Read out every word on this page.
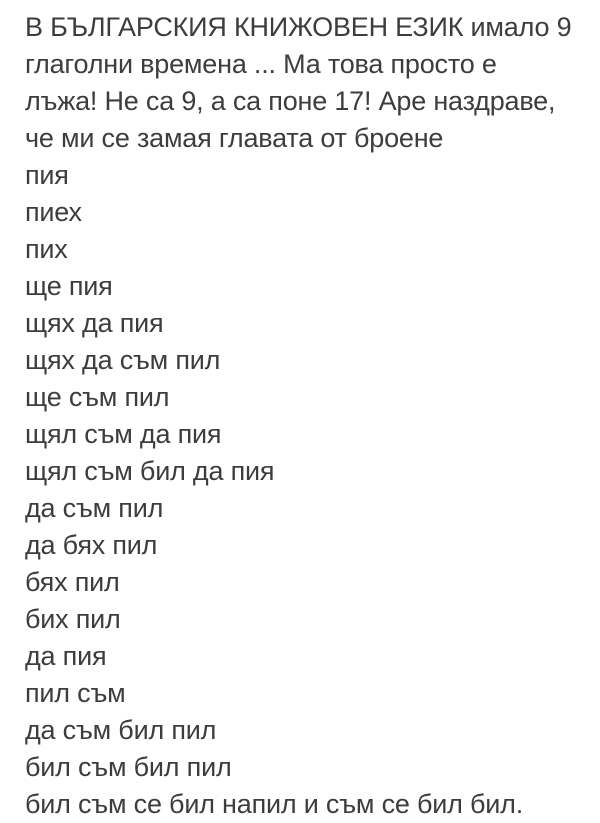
В БЪЛГАРСКИЯ КНИЖОВЕН ЕЗИК имало 9

глаголни времена ... Ма това просто е

лъжа! Не са 9, а са поне 17! Аре наздраве,

че ми се замая главата от броене

пия

пиех

пих

ще пия

щях да пия

щях да съм пил

ще съм пил

щял съм да пия

щял съм бил да пия

да съм пил

да бях пил

бях пил

бих пил

да пия

пил съм

да съм бил пил

бил съм бил пил

бил съм се бил напил и съм се бил бил.
